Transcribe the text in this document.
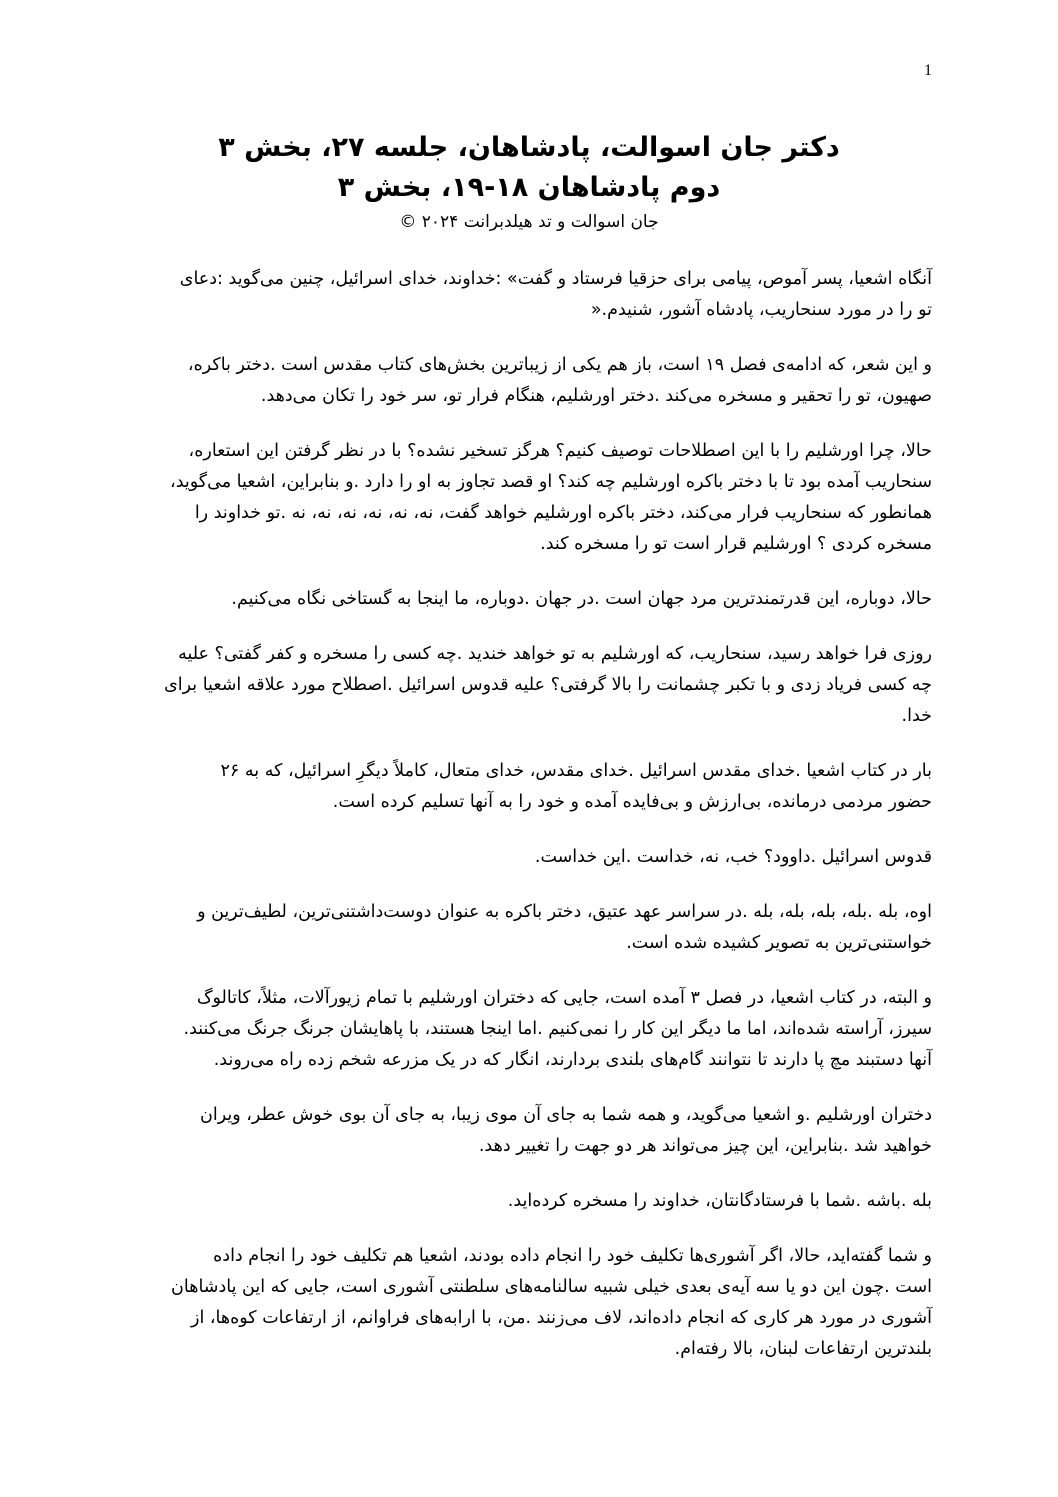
1
دکتر جان اسوالت، پادشاهان، جلسه ۲۷، بخش ۳
دوم پادشاهان ۱۸-۱۹، بخش ۳
جان اسوالت و تد هیلدبرانت ۲۰۲۴ ©
آنگاه اشعیا، پسر آموص، پیامی برای حزقیا فرستاد و گفت» :خداوند، خدای اسرائیل، چنین می‌گوید :دعای
».تو را در مورد سنحاریب، پادشاه آشور، شنیدم
،و این شعر، که ادامه‌ی فصل ۱۹ است، باز هم یکی از زیباترین بخش‌های کتاب مقدس است .دختر باکره
.صهیون، تو را تحقیر و مسخره می‌کند .دختر اورشلیم، هنگام فرار تو، سر خود را تکان می‌دهد
،حالا، چرا اورشلیم را با این اصطلاحات توصیف کنیم؟ هرگز تسخیر نشده؟ با در نظر گرفتن این استعاره
،سنحاریب آمده بود تا با دختر باکره اورشلیم چه کند؟ او قصد تجاوز به او را دارد .و بنابراین، اشعیا می‌گوید
همانطور که سنحاریب فرار می‌کند، دختر باکره اورشلیم خواهد گفت، نه، نه، نه، نه، نه، نه .تو خداوند را
.مسخره کردی ؟ اورشلیم قرار است تو را مسخره کند
.حالا، دوباره، این قدرتمندترین مرد جهان است .در جهان .دوباره، ما اینجا به گستاخی نگاه می‌کنیم
روزی فرا خواهد رسید، سنحاریب، که اورشلیم به تو خواهد خندید .چه کسی را مسخره و کفر گفتی؟ علیه
چه کسی فریاد زدی و با تکبر چشمانت را بالا گرفتی؟ علیه قدوس اسرائیل .اصطلاح مورد علاقه اشعیا برای
.خدا
بار در کتاب اشعیا .خدای مقدس اسرائیل .خدای مقدس، خدای متعال، کاملاً دیگرِ اسرائیل، که به ۲۶
.حضور مردمی درمانده، بی‌ارزش و بی‌فایده آمده و خود را به آنها تسلیم کرده است
.قدوس اسرائیل .داوود؟ خب، نه، خداست .این خداست
اوه، بله .بله، بله، بله، بله .در سراسر عهد عتیق، دختر باکره به عنوان دوست‌داشتنی‌ترین، لطیف‌ترین و
.خواستنی‌ترین به تصویر کشیده شده است
و البته، در کتاب اشعیا، در فصل ۳ آمده است، جایی که دختران اورشلیم با تمام زیورآلات، مثلاً، کاتالوگ
.سیرز، آراسته شده‌اند، اما ما دیگر این کار را نمی‌کنیم .اما اینجا هستند، با پاهایشان جرنگ جرنگ می‌کنند
.آنها دستبند مچ پا دارند تا نتوانند گام‌های بلندی بردارند، انگار که در یک مزرعه شخم زده راه می‌روند
دختران اورشلیم .و اشعیا می‌گوید، و همه شما به جای آن موی زیبا، به جای آن بوی خوش عطر، ویران
.خواهید شد .بنابراین، این چیز می‌تواند هر دو جهت را تغییر دهد
.بله .باشه .شما با فرستادگانتان، خداوند را مسخره کرده‌اید
و شما گفته‌اید، حالا، اگر آشوری‌ها تکلیف خود را انجام داده بودند، اشعیا هم تکلیف خود را انجام داده
است .چون این دو یا سه آیه‌ی بعدی خیلی شبیه سالنامه‌های سلطنتی آشوری است، جایی که این پادشاهان
آشوری در مورد هر کاری که انجام داده‌اند، لاف می‌زنند .من، با ارابه‌های فراوانم، از ارتفاعات کوه‌ها، از
.بلندترین ارتفاعات لبنان، بالا رفته‌ام
